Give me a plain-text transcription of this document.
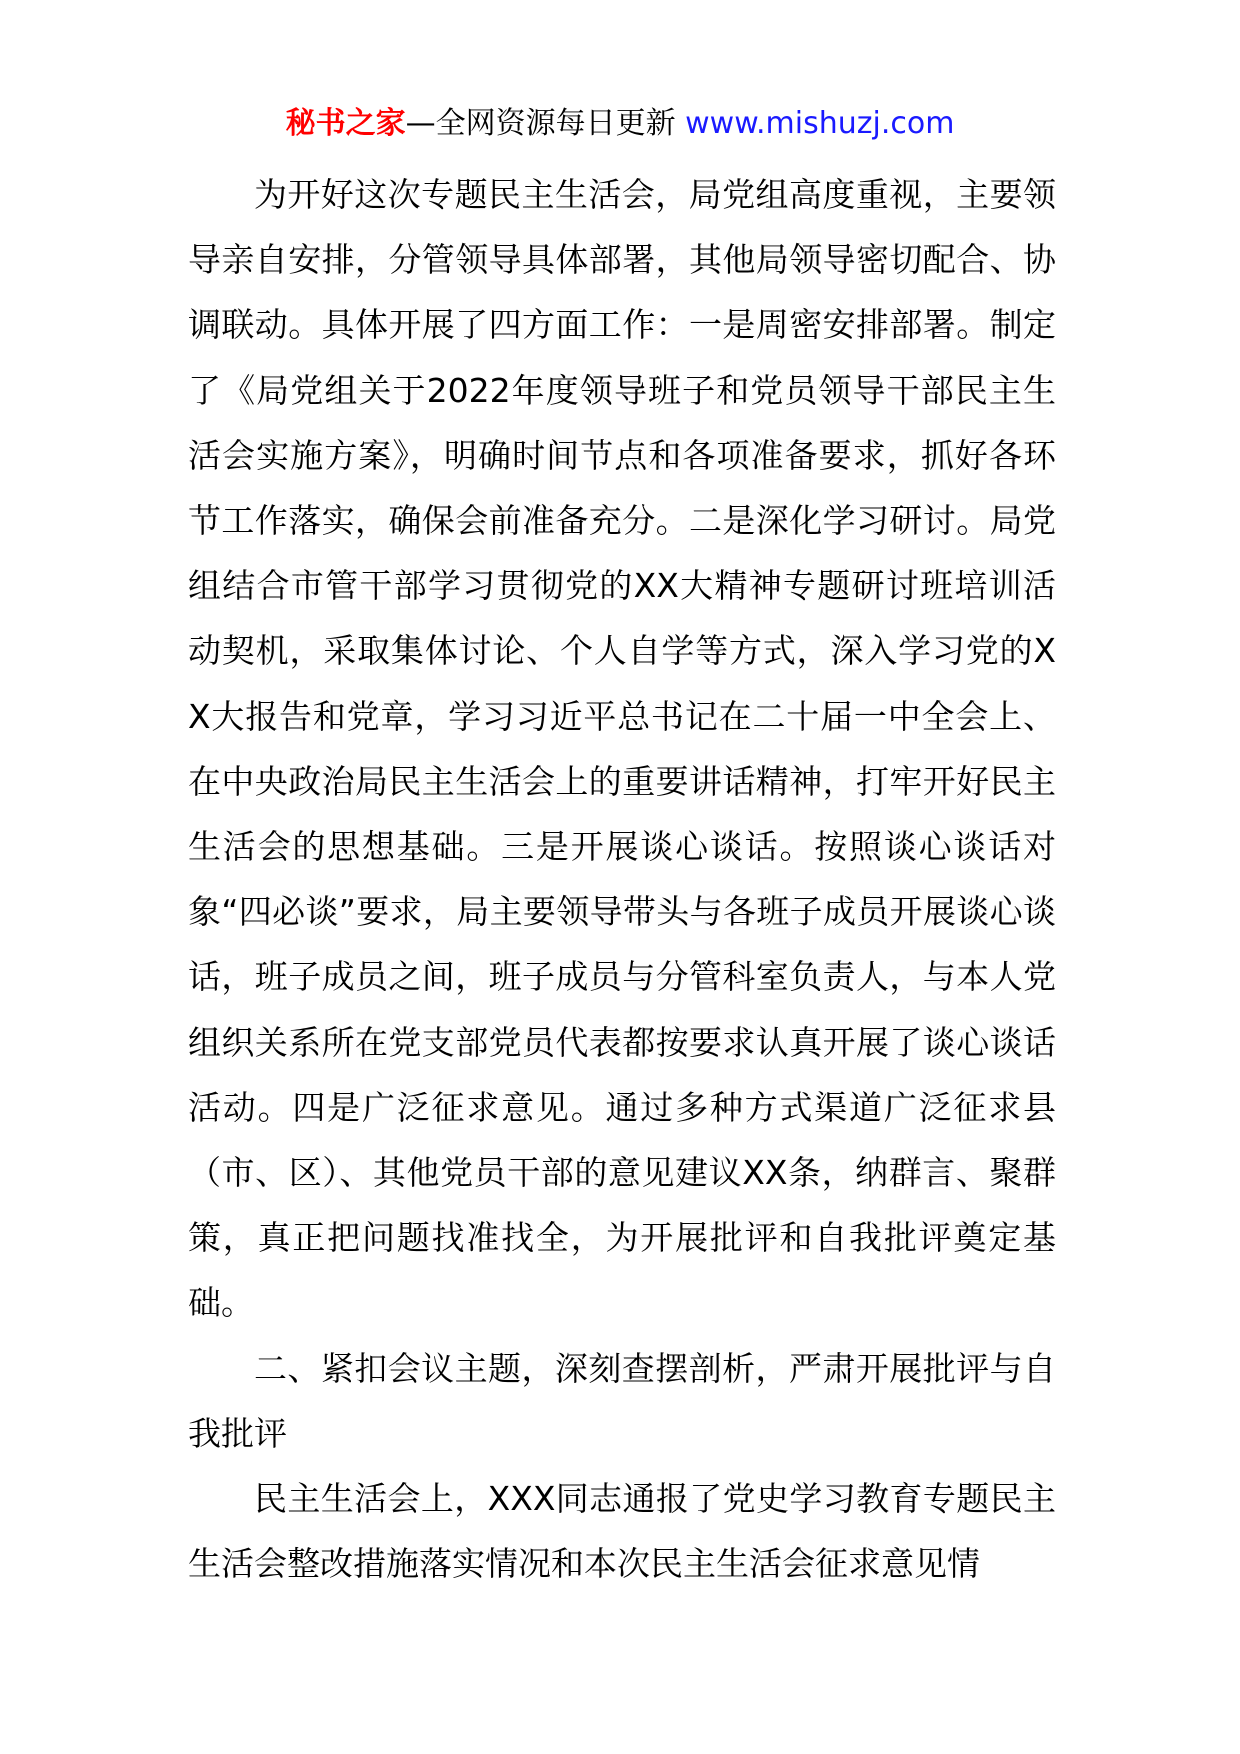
秘书之家—全网资源每日更新 www.mishuzj.com

为开好这次专题民主生活会，局党组高度重视，主要领导亲自安排，分管领导具体部署，其他局领导密切配合、协调联动。具体开展了四方面工作：一是周密安排部署。制定了《局党组关于2022年度领导班子和党员领导干部民主生活会实施方案》，明确时间节点和各项准备要求，抓好各环节工作落实，确保会前准备充分。二是深化学习研讨。局党组结合市管干部学习贯彻党的XX大精神专题研讨班培训活动契机，采取集体讨论、个人自学等方式，深入学习党的XX大报告和党章，学习习近平总书记在二十届一中全会上、在中央政治局民主生活会上的重要讲话精神，打牢开好民主生活会的思想基础。三是开展谈心谈话。按照谈心谈话对象“四必谈”要求，局主要领导带头与各班子成员开展谈心谈话，班子成员之间，班子成员与分管科室负责人，与本人党组织关系所在党支部党员代表都按要求认真开展了谈心谈话活动。四是广泛征求意见。通过多种方式渠道广泛征求县（市、区）、其他党员干部的意见建议XX条，纳群言、聚群策，真正把问题找准找全，为开展批评和自我批评奠定基础。

二、紧扣会议主题，深刻查摆剖析，严肃开展批评与自我批评

民主生活会上，XXX同志通报了党史学习教育专题民主生活会整改措施落实情况和本次民主生活会征求意见情
